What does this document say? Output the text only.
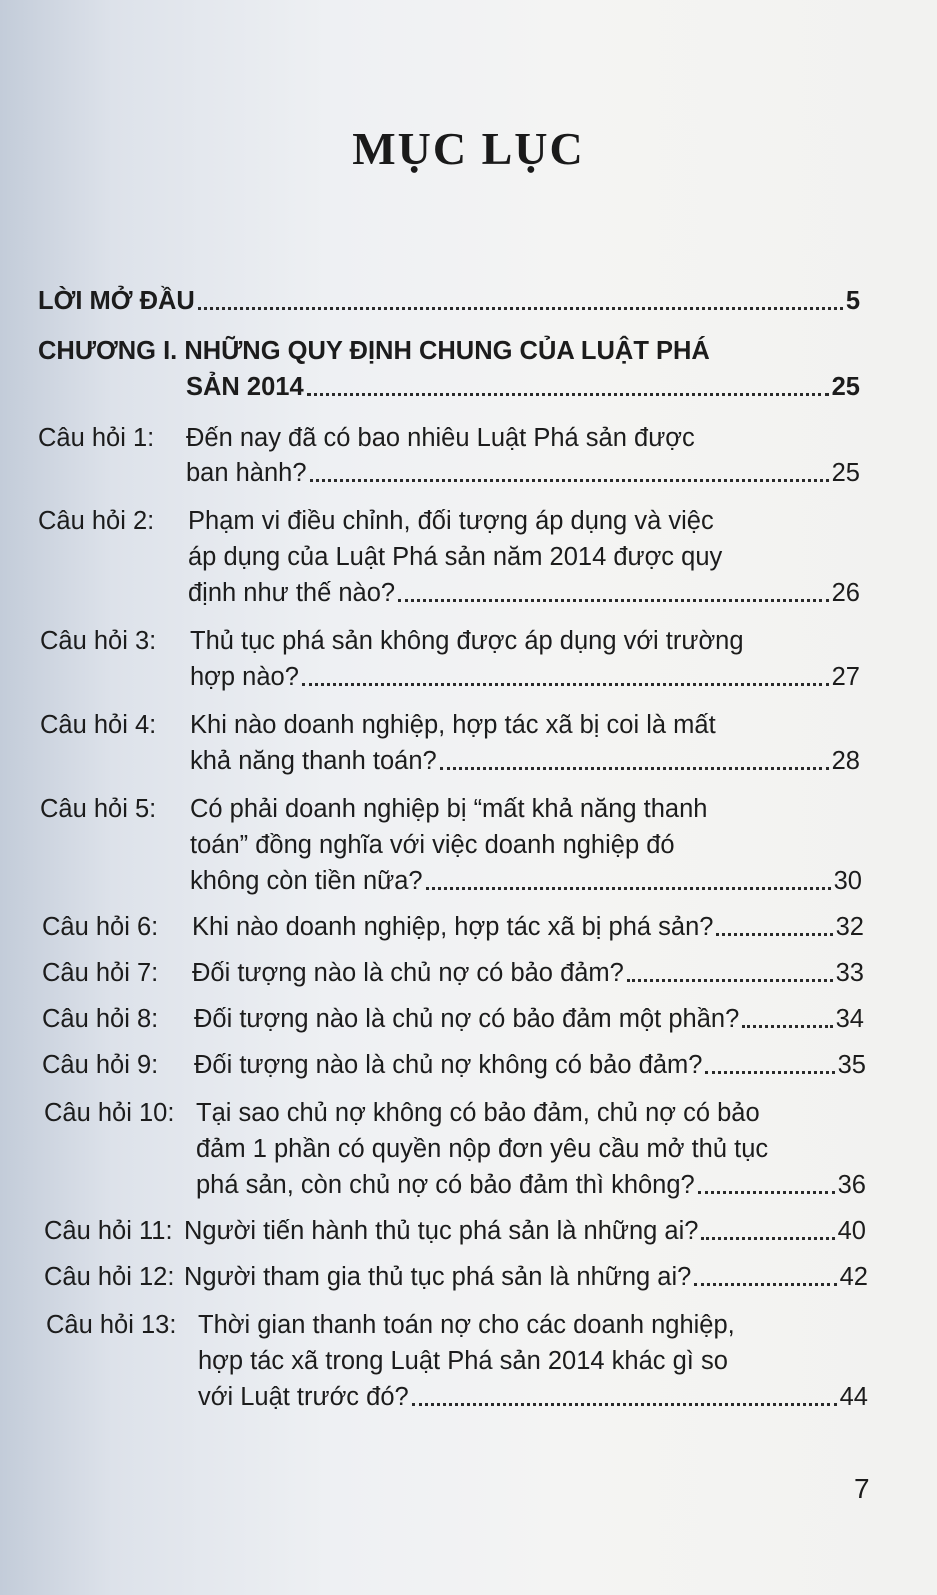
MỤC LỤC
LỜI MỞ ĐẦU	5
CHƯƠNG I. NHỮNG QUY ĐỊNH CHUNG CỦA LUẬT PHÁ
SẢN 2014	25
Câu hỏi 1: Đến nay đã có bao nhiêu Luật Phá sản được
ban hành?	25
Câu hỏi 2: Phạm vi điều chỉnh, đối tượng áp dụng và việc
áp dụng của Luật Phá sản năm 2014 được quy
định như thế nào?	26
Câu hỏi 3: Thủ tục phá sản không được áp dụng với trường
hợp nào?	27
Câu hỏi 4: Khi nào doanh nghiệp, hợp tác xã bị coi là mất
khả năng thanh toán?	28
Câu hỏi 5: Có phải doanh nghiệp bị “mất khả năng thanh
toán” đồng nghĩa với việc doanh nghiệp đó
không còn tiền nữa?	30
Câu hỏi 6: Khi nào doanh nghiệp, hợp tác xã bị phá sản?	32
Câu hỏi 7: Đối tượng nào là chủ nợ có bảo đảm?	33
Câu hỏi 8: Đối tượng nào là chủ nợ có bảo đảm một phần?	34
Câu hỏi 9: Đối tượng nào là chủ nợ không có bảo đảm?	35
Câu hỏi 10: Tại sao chủ nợ không có bảo đảm, chủ nợ có bảo
đảm 1 phần có quyền nộp đơn yêu cầu mở thủ tục
phá sản, còn chủ nợ có bảo đảm thì không?	36
Câu hỏi 11: Người tiến hành thủ tục phá sản là những ai?	40
Câu hỏi 12: Người tham gia thủ tục phá sản là những ai?	42
Câu hỏi 13: Thời gian thanh toán nợ cho các doanh nghiệp,
hợp tác xã trong Luật Phá sản 2014 khác gì so
với Luật trước đó?	44
7
